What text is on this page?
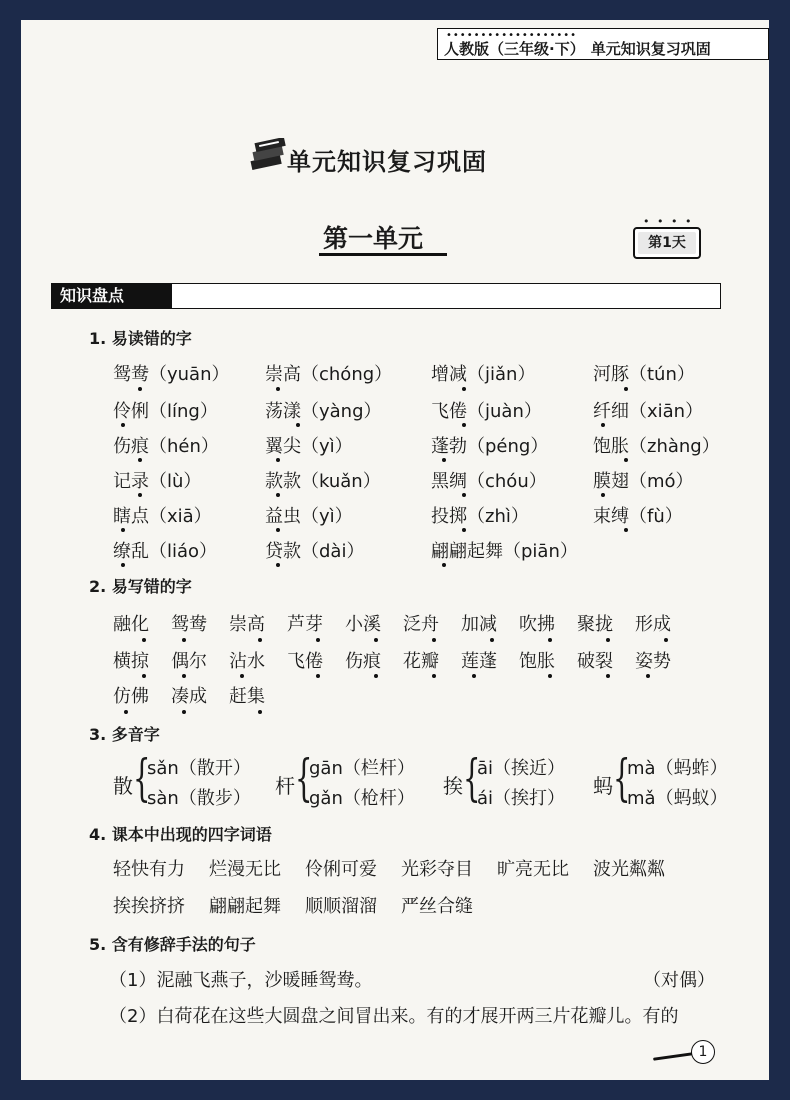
•••••••••••••••••••
人教版（三年级·下） 单元知识复习巩固
单元知识复习巩固
第一单元
• • • •
第1天
知识盘点
1. 易读错的字
鸳鸯（yuān） 崇高（chóng） 增减（jiǎn）	河豚（tún）
伶俐（líng）	荡漾（yàng）	飞倦（juàn）	纤细（xiān）
伤痕（hén）	翼尖（yì）	蓬勃（péng） 饱胀（zhàng）
记录（lù）	款款（kuǎn）	黑绸（chóu）	膜翅（mó）
瞎点（xiā）	益虫（yì）	投掷（zhì）	束缚（fù）
缭乱（liáo）	贷款（dài）	翩翩起舞（piān）
2. 易写错的字
融化 鸳鸯 崇高 芦芽 小溪 泛舟 加减 吹拂 聚拢 形成
横掠 偶尔 沾水 飞倦 伤痕 花瓣 莲蓬 饱胀 破裂 姿势
仿佛 凑成 赶集
3. 多音字
散 {
sǎn（散开）
sàn（散步）
杆 {
gān（栏杆）
gǎn（枪杆）
挨 {
āi（挨近）
ái（挨打）
蚂 {
mà（蚂蚱）
mǎ（蚂蚁）
4. 课本中出现的四字词语
轻快有力 烂漫无比 伶俐可爱 光彩夺目 旷亮无比 波光粼粼
挨挨挤挤 翩翩起舞 顺顺溜溜 严丝合缝
5. 含有修辞手法的句子
（1）泥融飞燕子，沙暖睡鸳鸯。	（对偶）
（2）白荷花在这些大圆盘之间冒出来。有的才展开两三片花瓣儿。有的
1
